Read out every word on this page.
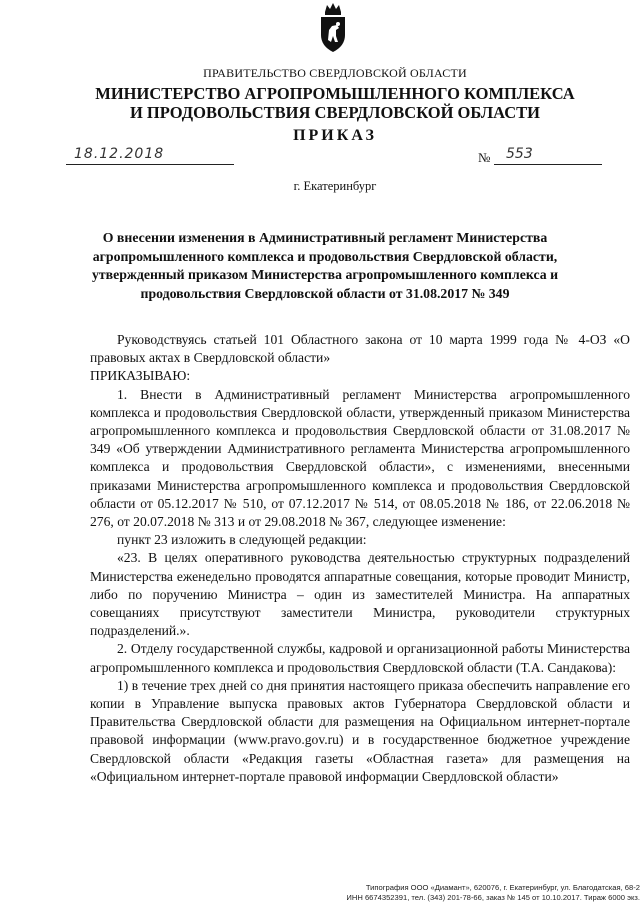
ПРАВИТЕЛЬСТВО СВЕРДЛОВСКОЙ ОБЛАСТИ
МИНИСТЕРСТВО АГРОПРОМЫШЛЕННОГО КОМПЛЕКСА
И ПРОДОВОЛЬСТВИЯ СВЕРДЛОВСКОЙ ОБЛАСТИ
ПРИКАЗ
18.12.2018	№ 553
г. Екатеринбург
О внесении изменения в Административный регламент Министерства агропромышленного комплекса и продовольствия Свердловской области, утвержденный приказом Министерства агропромышленного комплекса и продовольствия Свердловской области от 31.08.2017 № 349

Руководствуясь статьей 101 Областного закона от 10 марта 1999 года № 4-ОЗ «О правовых актах в Свердловской области»

ПРИКАЗЫВАЮ:

1. Внести в Административный регламент Министерства агропромышленного комплекса и продовольствия Свердловской области, утвержденный приказом Министерства агропромышленного комплекса и продовольствия Свердловской области от 31.08.2017 № 349 «Об утверждении Административного регламента Министерства агропромышленного комплекса и продовольствия Свердловской области», с изменениями, внесенными приказами Министерства агропромышленного комплекса и продовольствия Свердловской области от 05.12.2017 № 510, от 07.12.2017 № 514, от 08.05.2018 № 186, от 22.06.2018 № 276, от 20.07.2018 № 313 и от 29.08.2018 № 367, следующее изменение:

пункт 23 изложить в следующей редакции:

«23. В целях оперативного руководства деятельностью структурных подразделений Министерства еженедельно проводятся аппаратные совещания, которые проводит Министр, либо по поручению Министра – один из заместителей Министра. На аппаратных совещаниях присутствуют заместители Министра, руководители структурных подразделений.».

2. Отделу государственной службы, кадровой и организационной работы Министерства агропромышленного комплекса и продовольствия Свердловской области (Т.А. Сандакова):

1) в течение трех дней со дня принятия настоящего приказа обеспечить направление его копии в Управление выпуска правовых актов Губернатора Свердловской области и Правительства Свердловской области для размещения на Официальном интернет-портале правовой информации (www.pravo.gov.ru) и в государственное бюджетное учреждение Свердловской области «Редакция газеты «Областная газета» для размещения на «Официальном интернет-портале правовой информации Свердловской области»

Типография ООО «Диамант», 620076, г. Екатеринбург, ул. Благодатская, 68-2
ИНН 6674352391, тел. (343) 201-78-66, заказ № 145 от 10.10.2017. Тираж 6000 экз.
